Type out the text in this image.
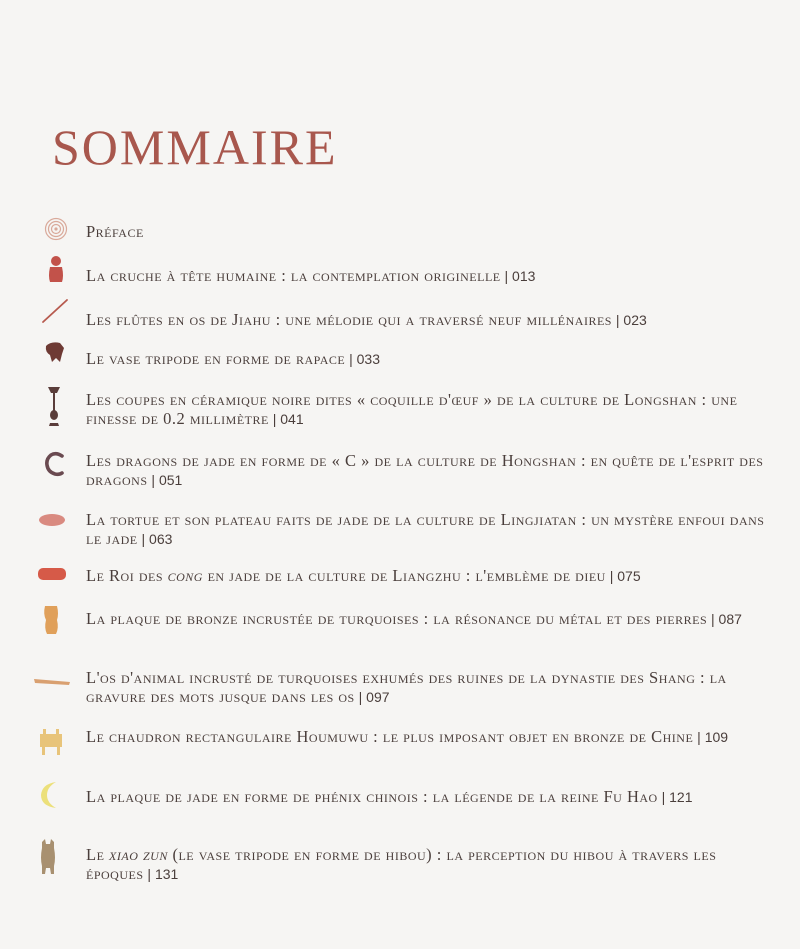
SOMMAIRE
Préface
La cruche à tête humaine : la contemplation originelle | 013
Les flûtes en os de Jiahu : une mélodie qui a traversé neuf millénaires | 023
Le vase tripode en forme de rapace | 033
Les coupes en céramique noire dites « coquille d'œuf » de la culture de Longshan : une finesse de 0.2 millimètre | 041
Les dragons de jade en forme de « C » de la culture de Hongshan : en quête de l'esprit des dragons | 051
La tortue et son plateau faits de jade de la culture de Lingjiatan : un mystère enfoui dans le jade | 063
Le Roi des cong en jade de la culture de Liangzhu : l'emblème de dieu | 075
La plaque de bronze incrustée de turquoises : la résonance du métal et des pierres | 087
L'os d'animal incrusté de turquoises exhumés des ruines de la dynastie des Shang : la gravure des mots jusque dans les os | 097
Le chaudron rectangulaire Houmuwu : le plus imposant objet en bronze de Chine | 109
La plaque de jade en forme de phénix chinois : la légende de la reine Fu Hao | 121
Le xiao zun (le vase tripode en forme de hibou) : la perception du hibou à travers les époques | 131
